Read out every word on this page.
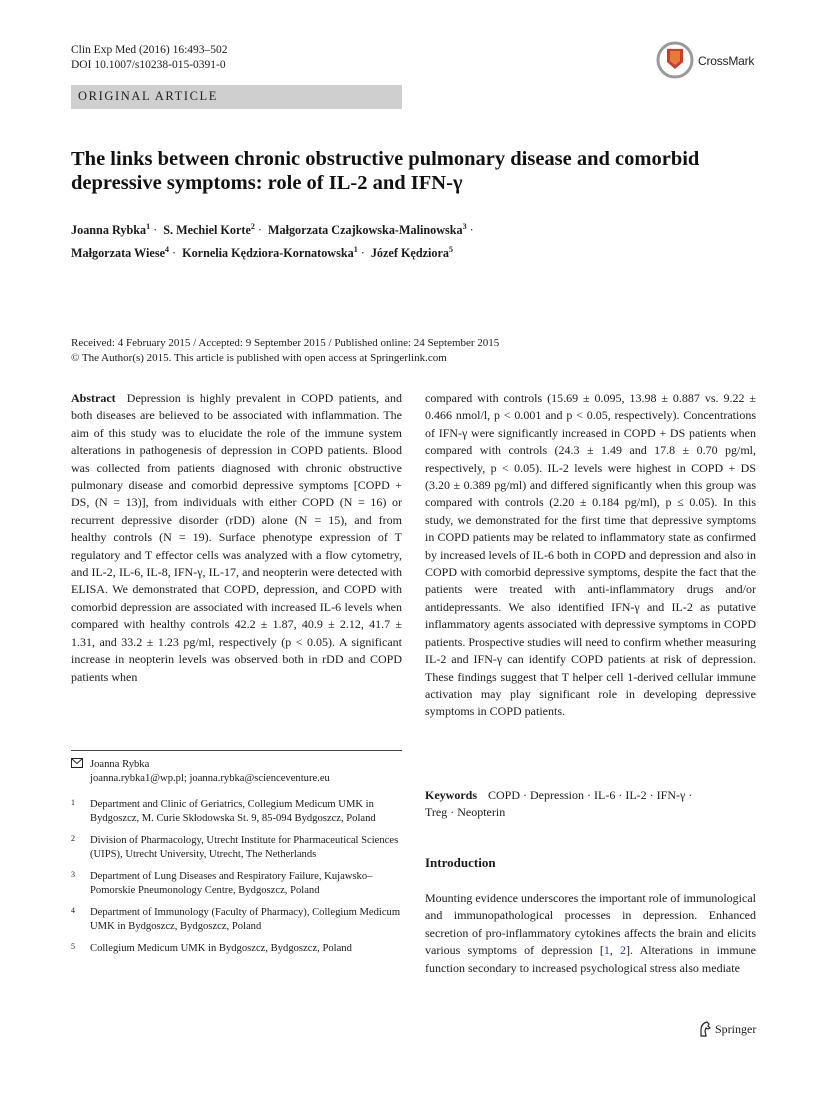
Clin Exp Med (2016) 16:493–502
DOI 10.1007/s10238-015-0391-0	CrossMark
ORIGINAL ARTICLE
The links between chronic obstructive pulmonary disease and comorbid depressive symptoms: role of IL-2 and IFN-γ
Joanna Rybka$^1$ · S. Mechiel Korte$^2$ · Małgorzata Czajkowska-Malinowska$^3$ ·
Małgorzata Wiese$^4$ · Kornelia Kędziora-Kornatowska$^1$ · Józef Kędziora$^5$
Received: 4 February 2015 / Accepted: 9 September 2015 / Published online: 24 September 2015
© The Author(s) 2015. This article is published with open access at Springerlink.com

Abstract Depression is highly prevalent in COPD patients, and both diseases are believed to be associated with inflammation. The aim of this study was to elucidate the role of the immune system alterations in pathogenesis of depression in COPD patients. Blood was collected from patients diagnosed with chronic obstructive pulmonary disease and comorbid depressive symptoms [COPD + DS, (N = 13)], from individuals with either COPD (N = 16) or recurrent depressive disorder (rDD) alone (N = 15), and from healthy controls (N = 19). Surface phenotype expression of T regulatory and T effector cells was analyzed with a flow cytometry, and IL-2, IL-6, IL-8, IFN-γ, IL-17, and neopterin were detected with ELISA. We demonstrated that COPD, depression, and COPD with comorbid depression are associated with increased IL-6 levels when compared with healthy controls 42.2 ± 1.87, 40.9 ± 2.12, 41.7 ± 1.31, and 33.2 ± 1.23 pg/ml, respectively (p < 0.05). A significant increase in neopterin levels was observed both in rDD and COPD patients when

Joanna Rybka
joanna.rybka1@wp.pl; joanna.rybka@scienceventure.eu
1	Department and Clinic of Geriatrics, Collegium Medicum UMK in Bydgoszcz, M. Curie Skłodowska St. 9, 85-094 Bydgoszcz, Poland
2	Division of Pharmacology, Utrecht Institute for Pharmaceutical Sciences (UIPS), Utrecht University, Utrecht, The Netherlands
3	Department of Lung Diseases and Respiratory Failure, Kujawsko–Pomorskie Pneumonology Centre, Bydgoszcz, Poland
4	Department of Immunology (Faculty of Pharmacy), Collegium Medicum UMK in Bydgoszcz, Bydgoszcz, Poland
5	Collegium Medicum UMK in Bydgoszcz, Bydgoszcz, Poland

compared with controls (15.69 ± 0.095, 13.98 ± 0.887 vs. 9.22 ± 0.466 nmol/l, p < 0.001 and p < 0.05, respectively). Concentrations of IFN-γ were significantly increased in COPD + DS patients when compared with controls (24.3 ± 1.49 and 17.8 ± 0.70 pg/ml, respectively, p < 0.05). IL-2 levels were highest in COPD + DS (3.20 ± 0.389 pg/ml) and differed significantly when this group was compared with controls (2.20 ± 0.184 pg/ml), p ≤ 0.05). In this study, we demonstrated for the first time that depressive symptoms in COPD patients may be related to inflammatory state as confirmed by increased levels of IL-6 both in COPD and depression and also in COPD with comorbid depressive symptoms, despite the fact that the patients were treated with anti-inflammatory drugs and/or antidepressants. We also identified IFN-γ and IL-2 as putative inflammatory agents associated with depressive symptoms in COPD patients. Prospective studies will need to confirm whether measuring IL-2 and IFN-γ can identify COPD patients at risk of depression. These findings suggest that T helper cell 1-derived cellular immune activation may play significant role in developing depressive symptoms in COPD patients.

Keywords COPD · Depression · IL-6 · IL-2 · IFN-γ ·
Treg · Neopterin
Introduction

Mounting evidence underscores the important role of immunological and immunopathological processes in depression. Enhanced secretion of pro-inflammatory cytokines affects the brain and elicits various symptoms of depression [1, 2]. Alterations in immune function secondary to increased psychological stress also mediate

Springer
